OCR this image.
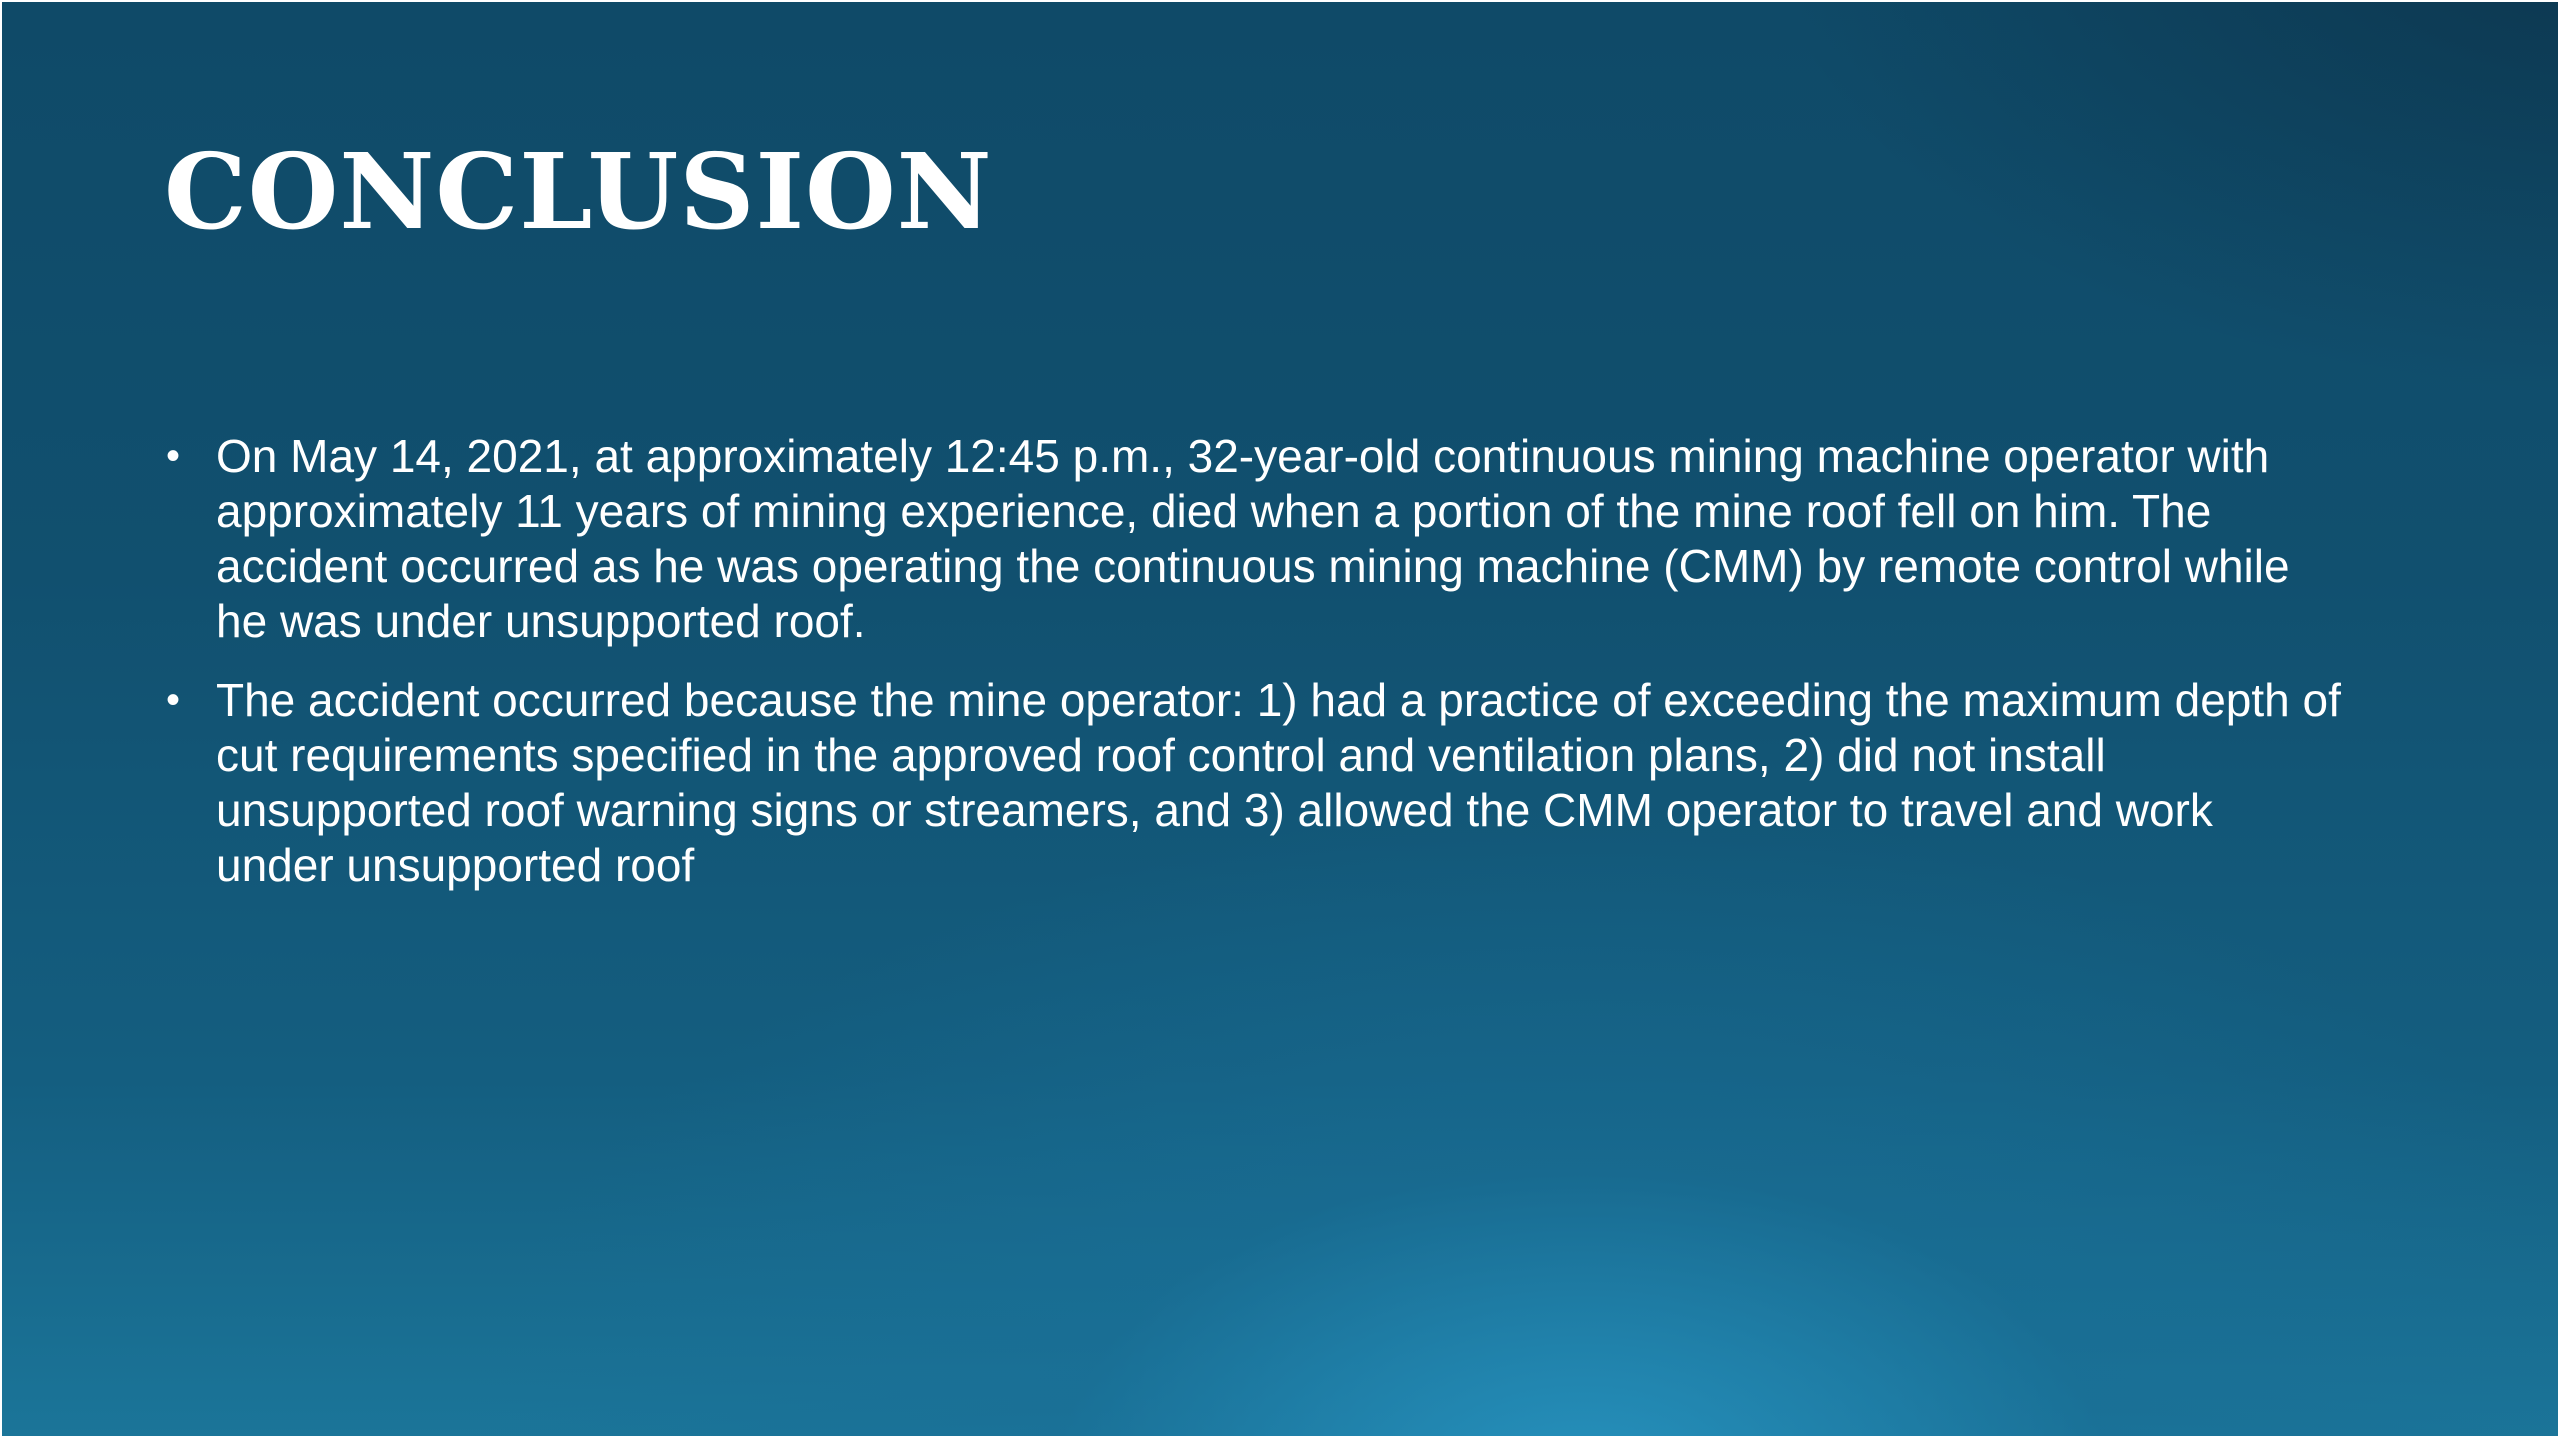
CONCLUSION
• On May 14, 2021, at approximately 12:45 p.m., 32-year-old continuous mining machine operator with approximately 11 years of mining experience, died when a portion of the mine roof fell on him. The accident occurred as he was operating the continuous mining machine (CMM) by remote control while he was under unsupported roof.
• The accident occurred because the mine operator: 1) had a practice of exceeding the maximum depth of cut requirements specified in the approved roof control and ventilation plans, 2) did not install unsupported roof warning signs or streamers, and 3) allowed the CMM operator to travel and work under unsupported roof
